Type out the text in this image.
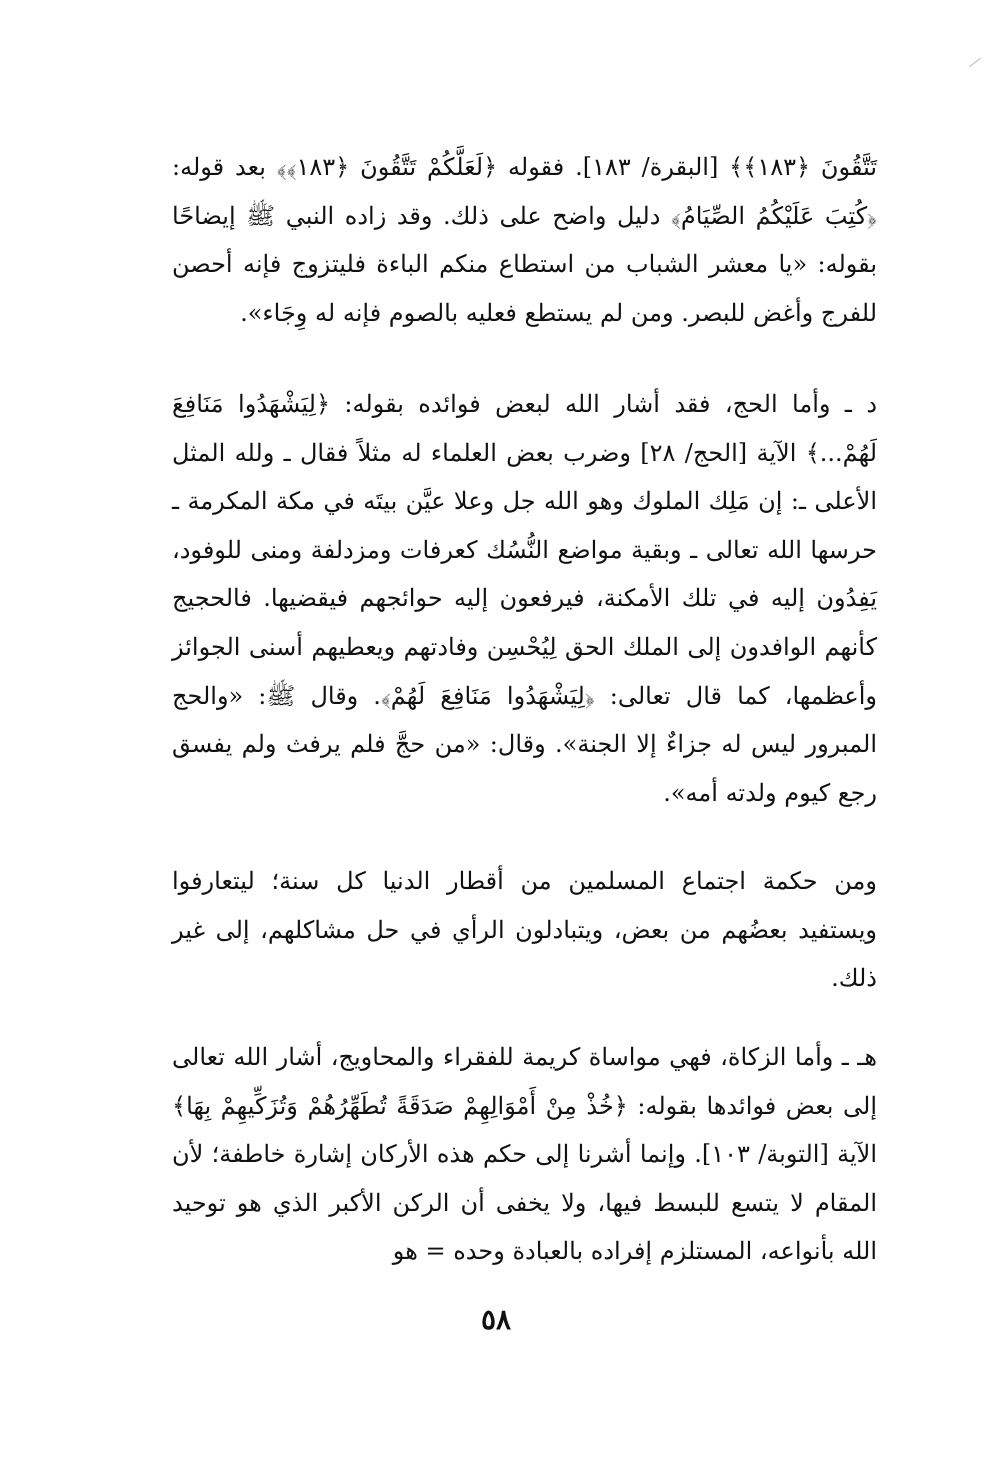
تَتَّقُونَ ﴿١٨٣﴾﴾ [البقرة/ ١٨٣]. فقوله ﴿لَعَلَّكُمْ تَتَّقُونَ ﴿١٨٣﴾﴾ بعد قوله: ﴿كُتِبَ عَلَيْكُمُ الصِّيَامُ﴾ دليل واضح على ذلك. وقد زاده النبي ﷺ إيضاحًا بقوله: «يا معشر الشباب من استطاع منكم الباءة فليتزوج فإنه أحصن للفرج وأغض للبصر. ومن لم يستطع فعليه بالصوم فإنه له وِجَاء».

د ـ وأما الحج، فقد أشار الله لبعض فوائده بقوله: ﴿لِيَشْهَدُوا مَنَافِعَ لَهُمْ...﴾ الآية [الحج/ ٢٨] وضرب بعض العلماء له مثلاً فقال ـ ولله المثل الأعلى ـ: إن مَلِك الملوك وهو الله جل وعلا عيَّن بيتَه في مكة المكرمة ـ حرسها الله تعالى ـ وبقية مواضع النُّسُك كعرفات ومزدلفة ومنى للوفود، يَفِدُون إليه في تلك الأمكنة، فيرفعون إليه حوائجهم فيقضيها. فالحجيج كأنهم الوافدون إلى الملك الحق لِيُحْسِن وفادتهم ويعطيهم أسنى الجوائز وأعظمها، كما قال تعالى: ﴿لِيَشْهَدُوا مَنَافِعَ لَهُمْ﴾. وقال ﷺ: «والحج المبرور ليس له جزاءٌ إلا الجنة». وقال: «من حجَّ فلم يرفث ولم يفسق رجع كيوم ولدته أمه».

ومن حكمة اجتماع المسلمين من أقطار الدنيا كل سنة؛ ليتعارفوا ويستفيد بعضُهم من بعض، ويتبادلون الرأي في حل مشاكلهم، إلى غير ذلك.

هـ ـ وأما الزكاة، فهي مواساة كريمة للفقراء والمحاويج، أشار الله تعالى إلى بعض فوائدها بقوله: ﴿خُذْ مِنْ أَمْوَالِهِمْ صَدَقَةً تُطَهِّرُهُمْ وَتُزَكِّيهِمْ بِهَا﴾ الآية [التوبة/ ١٠٣]. وإنما أشرنا إلى حكم هذه الأركان إشارة خاطفة؛ لأن المقام لا يتسع للبسط فيها، ولا يخفى أن الركن الأكبر الذي هو توحيد الله بأنواعه، المستلزم إفراده بالعبادة وحده = هو

٥٨
